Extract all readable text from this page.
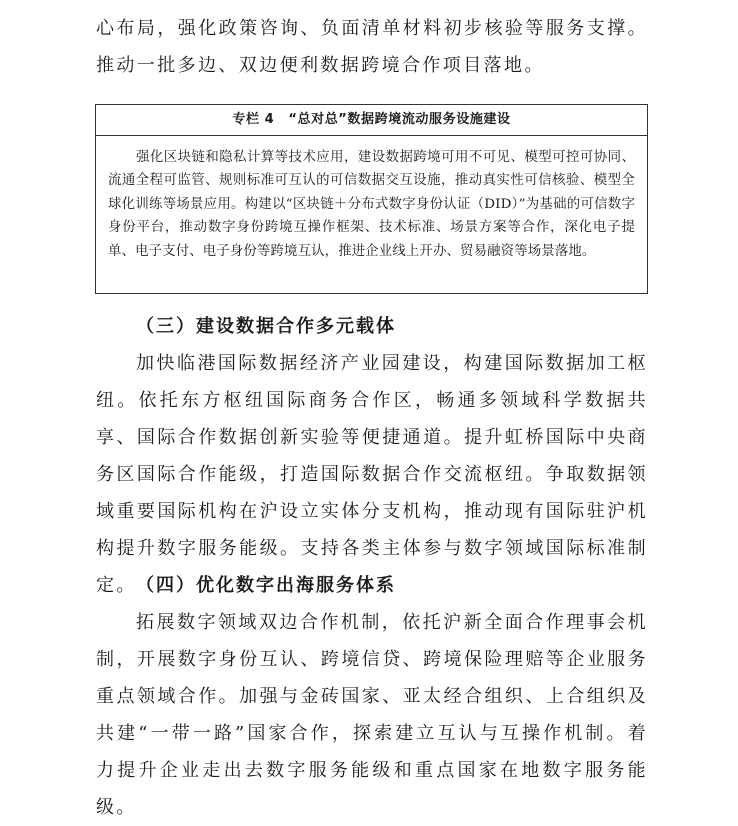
心布局，强化政策咨询、负面清单材料初步核验等服务支撑。推动一批多边、双边便利数据跨境合作项目落地。

专栏 4 “总对总”数据跨境流动服务设施建设

强化区块链和隐私计算等技术应用，建设数据跨境可用不可见、模型可控可协同、流通全程可监管、规则标准可互认的可信数据交互设施，推动真实性可信核验、模型全球化训练等场景应用。构建以“区块链＋分布式数字身份认证（DID）”为基础的可信数字身份平台，推动数字身份跨境互操作框架、技术标准、场景方案等合作，深化电子提单、电子支付、电子身份等跨境互认，推进企业线上开办、贸易融资等场景落地。

（三）建设数据合作多元载体

加快临港国际数据经济产业园建设，构建国际数据加工枢纽。依托东方枢纽国际商务合作区，畅通多领域科学数据共享、国际合作数据创新实验等便捷通道。提升虹桥国际中央商务区国际合作能级，打造国际数据合作交流枢纽。争取数据领域重要国际机构在沪设立实体分支机构，推动现有国际驻沪机构提升数字服务能级。支持各类主体参与数字领域国际标准制定。 （四）优化数字出海服务体系

拓展数字领域双边合作机制，依托沪新全面合作理事会机制，开展数字身份互认、跨境信贷、跨境保险理赔等企业服务重点领域合作。加强与金砖国家、亚太经合组织、上合组织及共建“一带一路”国家合作，探索建立互认与互操作机制。着力提升企业走出去数字服务能级和重点国家在地数字服务能级。
